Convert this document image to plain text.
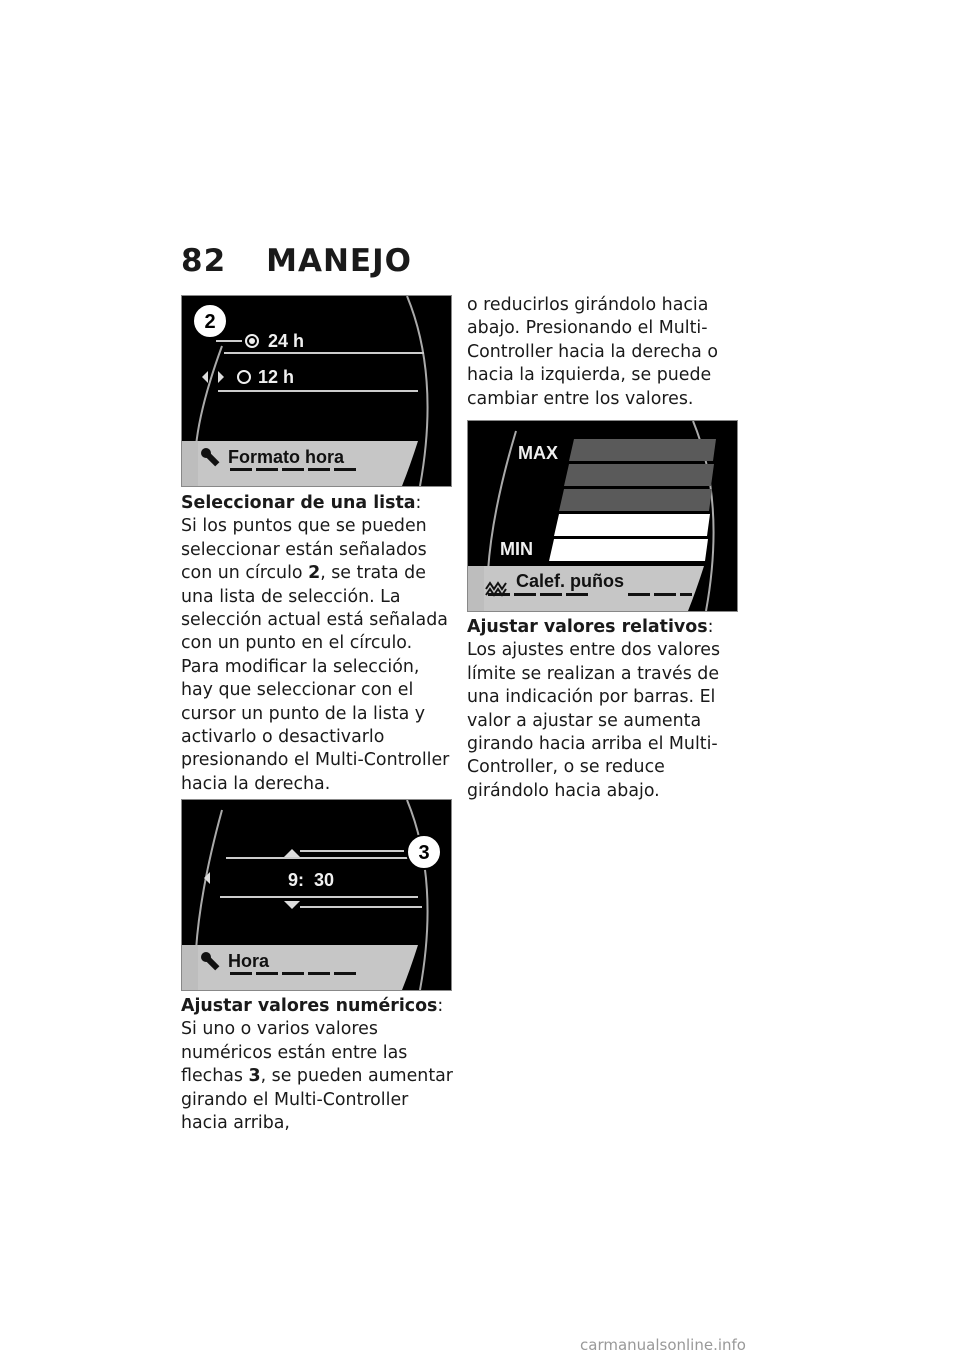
82 MANEJO
24 h
12 h
2
Formato hora

Seleccionar de una lista:

Si los puntos que se pueden seleccionar están señalados con un círculo 2, se trata de una lista de selección. La selección actual está señalada con un punto en el círculo.

Para modificar la selección, hay que seleccionar con el cursor un punto de la lista y activarlo o desactivarlo presionando el Multi-Controller hacia la derecha.

9:  30
3
Hora

Ajustar valores numéricos:

Si uno o varios valores numéricos están entre las flechas 3, se pueden aumentar girando el Multi-Controller hacia arriba,

o reducirlos girándolo hacia abajo. Presionando el Multi-Controller hacia la derecha o hacia la izquierda, se puede cambiar entre los valores.

MAX
MIN
Calef. puños

Ajustar valores relativos:

Los ajustes entre dos valores límite se realizan a través de una indicación por barras. El valor a ajustar se aumenta girando hacia arriba el Multi-Controller, o se reduce girándolo hacia abajo.

carmanualsonline.info
